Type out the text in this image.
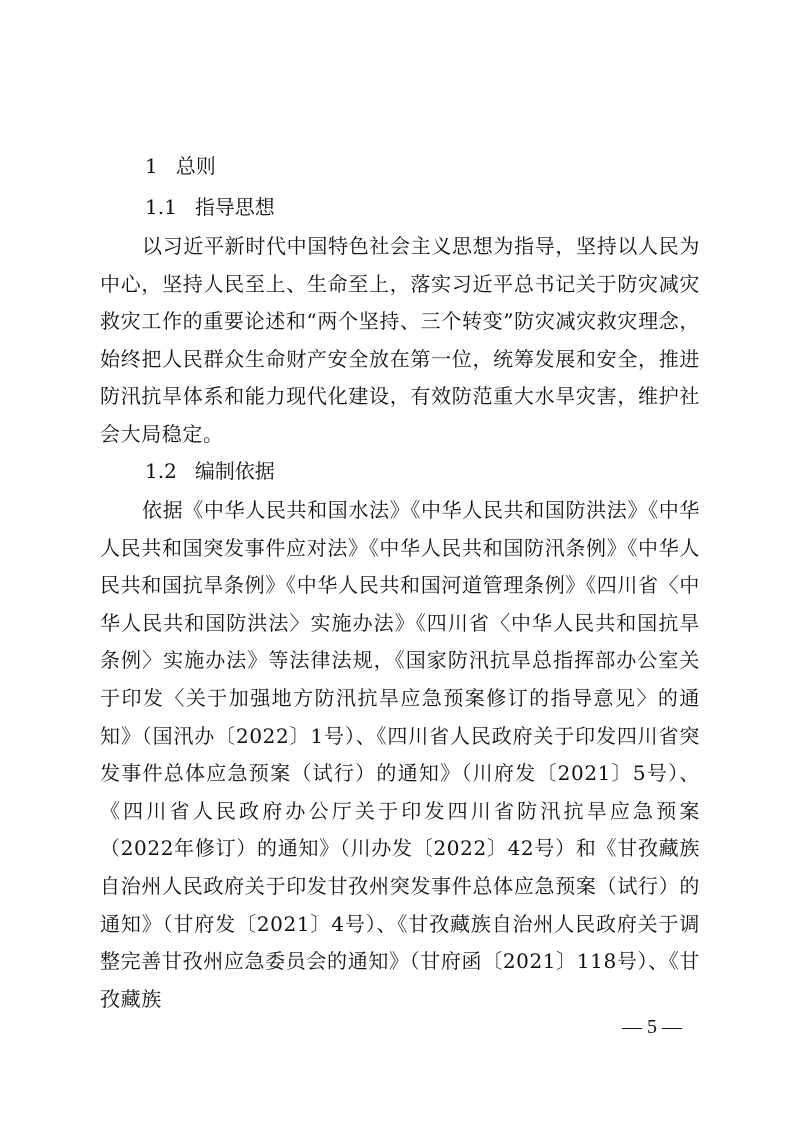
1 总则
1.1 指导思想

以习近平新时代中国特色社会主义思想为指导，坚持以人民为中心，坚持人民至上、生命至上，落实习近平总书记关于防灾减灾救灾工作的重要论述和“两个坚持、三个转变”防灾减灾救灾理念，始终把人民群众生命财产安全放在第一位，统筹发展和安全，推进防汛抗旱体系和能力现代化建设，有效防范重大水旱灾害，维护社会大局稳定。

1.2 编制依据

依据《中华人民共和国水法》《中华人民共和国防洪法》《中华人民共和国突发事件应对法》《中华人民共和国防汛条例》《中华人民共和国抗旱条例》《中华人民共和国河道管理条例》《四川省〈中华人民共和国防洪法〉实施办法》《四川省〈中华人民共和国抗旱条例〉实施办法》等法律法规，《国家防汛抗旱总指挥部办公室关于印发〈关于加强地方防汛抗旱应急预案修订的指导意见〉的通知》（国汛办〔2022〕1号）、《四川省人民政府关于印发四川省突发事件总体应急预案（试行）的通知》（川府发〔2021〕5号）、《四川省人民政府办公厅关于印发四川省防汛抗旱应急预案（2022年修订）的通知》（川办发〔2022〕42号）和《甘孜藏族自治州人民政府关于印发甘孜州突发事件总体应急预案（试行）的通知》（甘府发〔2021〕4号）、《甘孜藏族自治州人民政府关于调整完善甘孜州应急委员会的通知》（甘府函〔2021〕118号）、《甘孜藏族

— 5 —
